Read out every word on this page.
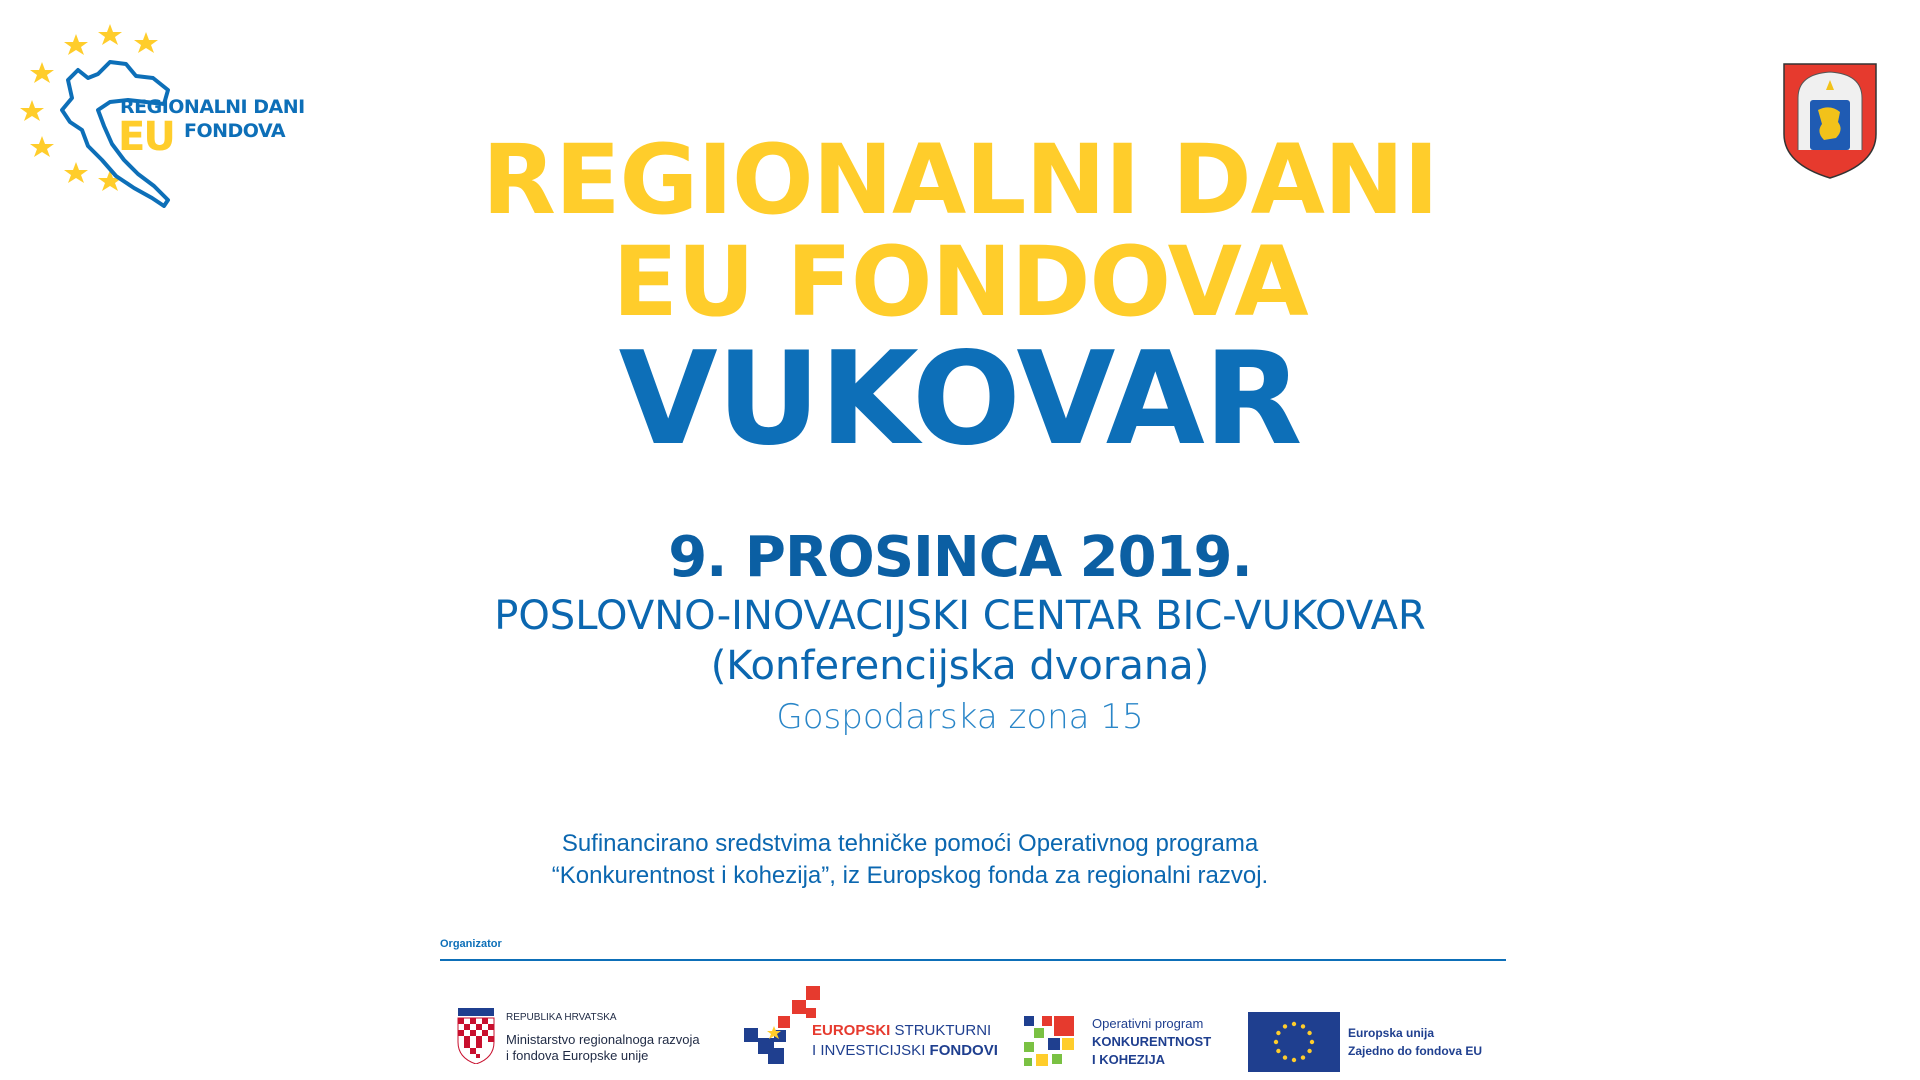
REGIONALNI DANI
EU FONDOVA	REGIONALNI DANI
EU FONDOVA
VUKOVAR
9. PROSINCA 2019.
POSLOVNO-INOVACIJSKI CENTAR BIC-VUKOVAR
(Konferencijska dvorana)
Gospodarska zona 15
Sufinancirano sredstvima tehničke pomoći Operativnog programa
“Konkurentnost i kohezija”, iz Europskog fonda za regionalni razvoj.
Organizator
REPUBLIKA HRVATSKA
Ministarstvo regionalnoga razvoja
i fondova Europske unije
EUROPSKI STRUKTURNI
I INVESTICIJSKI FONDOVI
Operativni program
KONKURENTNOST
I KOHEZIJA
Europska unija
Zajedno do fondova EU
